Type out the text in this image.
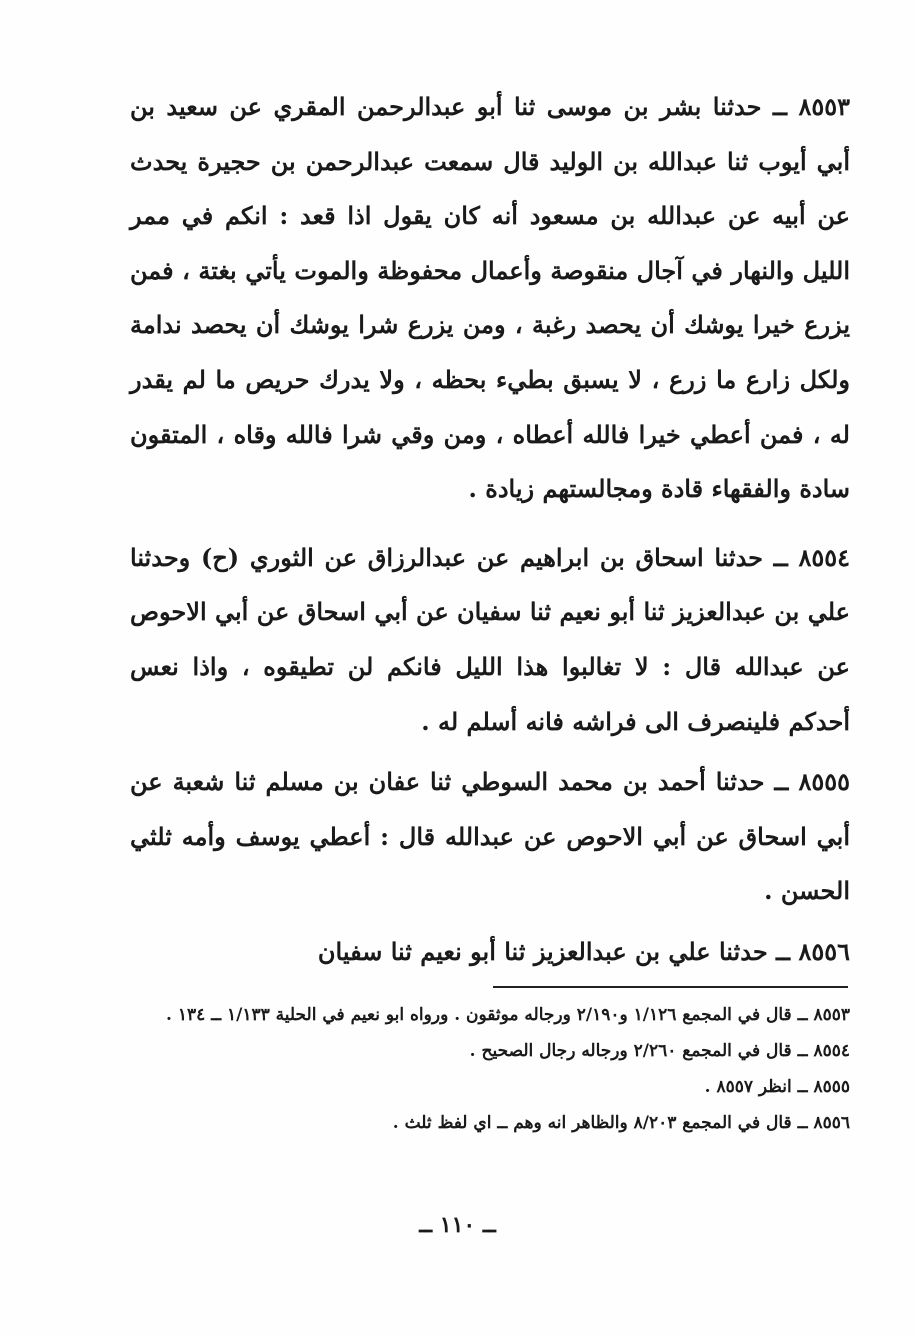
٨٥٥٣ ــ حدثنا بشر بن موسى ثنا أبو عبدالرحمن المقري عن سعيد بن أبي أيوب ثنا عبدالله بن الوليد قال سمعت عبدالرحمن بن حجيرة يحدث عن أبيه عن عبدالله بن مسعود أنه كان يقول اذا قعد : انكم في ممر الليل والنهار في آجال منقوصة وأعمال محفوظة والموت يأتي بغتة ، فمن يزرع خيرا يوشك أن يحصد رغبة ، ومن يزرع شرا يوشك أن يحصد ندامة ولكل زارع ما زرع ، لا يسبق بطيء بحظه ، ولا يدرك حريص ما لم يقدر له ، فمن أعطي خيرا فالله أعطاه ، ومن وقي شرا فالله وقاه ، المتقون سادة والفقهاء قادة ومجالستهم زيادة .

٨٥٥٤ ــ حدثنا اسحاق بن ابراهيم عن عبدالرزاق عن الثوري (ح) وحدثنا علي بن عبدالعزيز ثنا أبو نعيم ثنا سفيان عن أبي اسحاق عن أبي الاحوص عن عبدالله قال : لا تغالبوا هذا الليل فانكم لن تطيقوه ، واذا نعس أحدكم فلينصرف الى فراشه فانه أسلم له .

٨٥٥٥ ــ حدثنا أحمد بن محمد السوطي ثنا عفان بن مسلم ثنا شعبة عن أبي اسحاق عن أبي الاحوص عن عبدالله قال : أعطي يوسف وأمه ثلثي الحسن .

٨٥٥٦ ــ حدثنا علي بن عبدالعزيز ثنا أبو نعيم ثنا سفيان

٨٥٥٣ ــ قال في المجمع ١/١٢٦ و٢/١٩٠ ورجاله موثقون . ورواه ابو نعيم في الحلية ١/١٣٣ ــ ١٣٤ .

٨٥٥٤ ــ قال في المجمع ٢/٢٦٠ ورجاله رجال الصحيح .

٨٥٥٥ ــ انظر ٨٥٥٧ .

٨٥٥٦ ــ قال في المجمع ٨/٢٠٣ والظاهر انه وهم ــ اي لفظ ثلث .

ــ ١١٠ ــ
